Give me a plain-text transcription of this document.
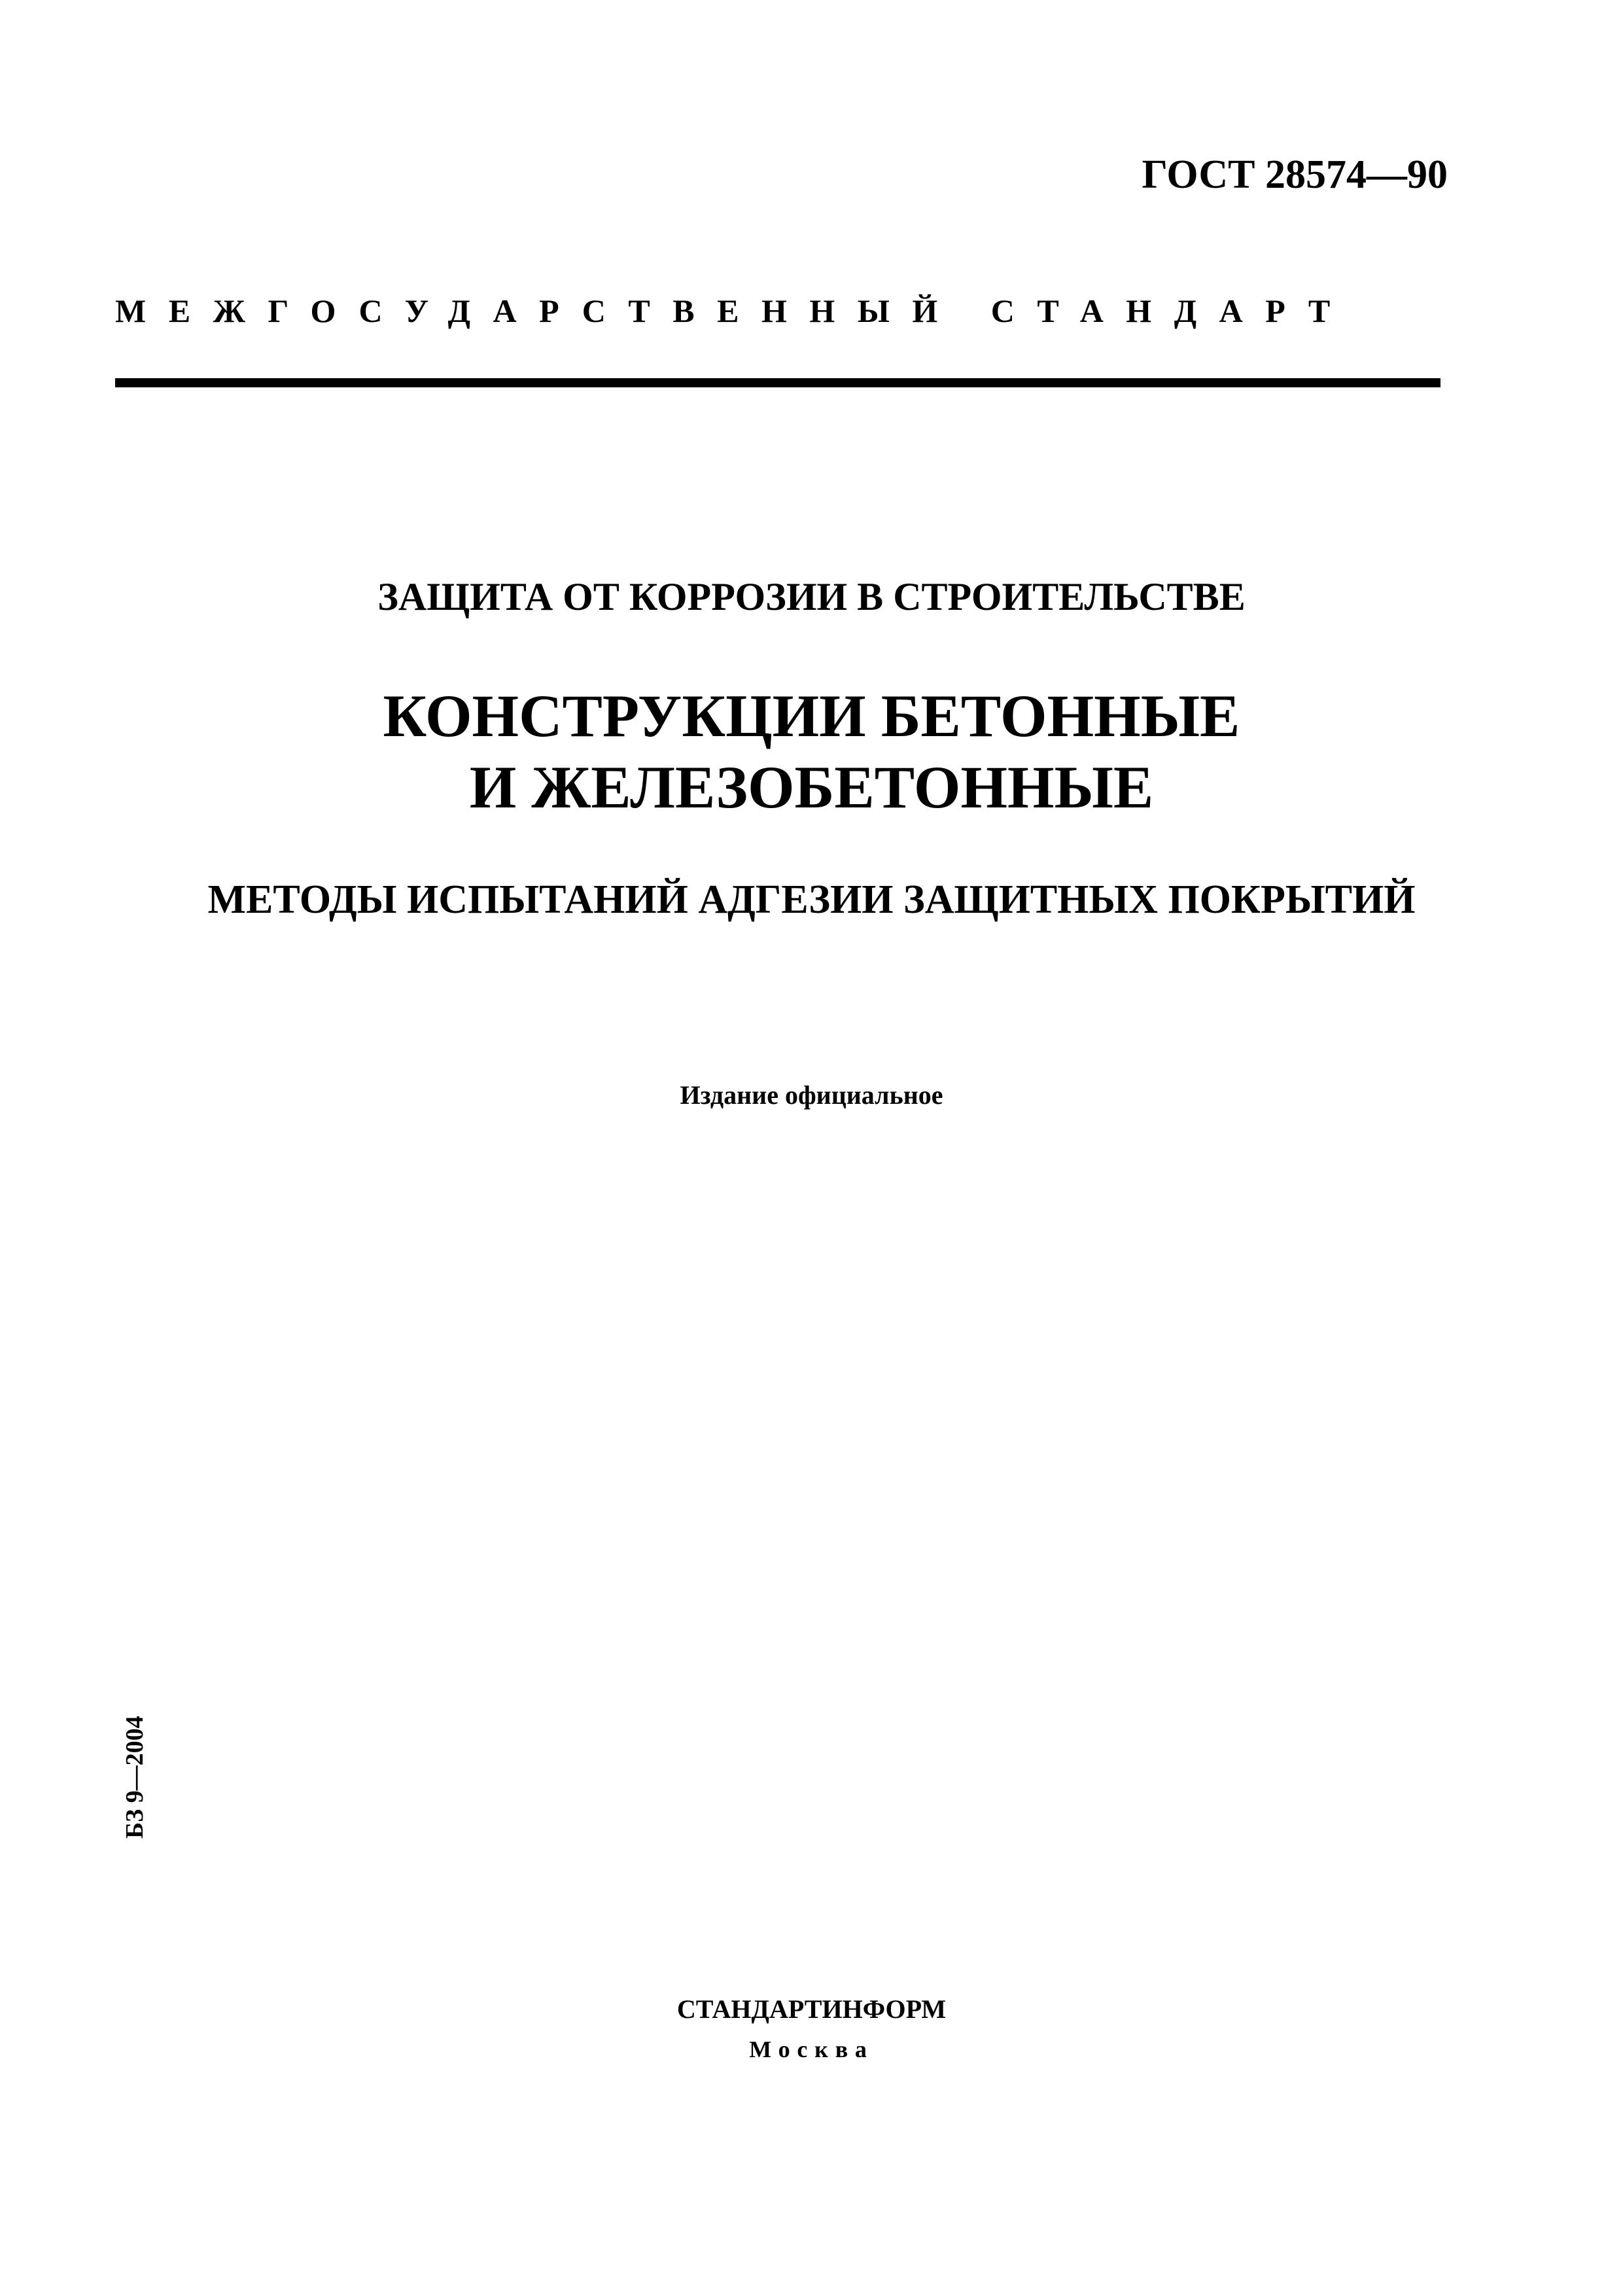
ГОСТ 28574—90
МЕЖГОСУДАРСТВЕННЫЙ СТАНДАРТ
ЗАЩИТА ОТ КОРРОЗИИ В СТРОИТЕЛЬСТВЕ
КОНСТРУКЦИИ БЕТОННЫЕ
И ЖЕЛЕЗОБЕТОННЫЕ
МЕТОДЫ ИСПЫТАНИЙ АДГЕЗИИ ЗАЩИТНЫХ ПОКРЫТИЙ
Издание официальное
БЗ 9—2004
СТАНДАРТИНФОРМ
Москва
